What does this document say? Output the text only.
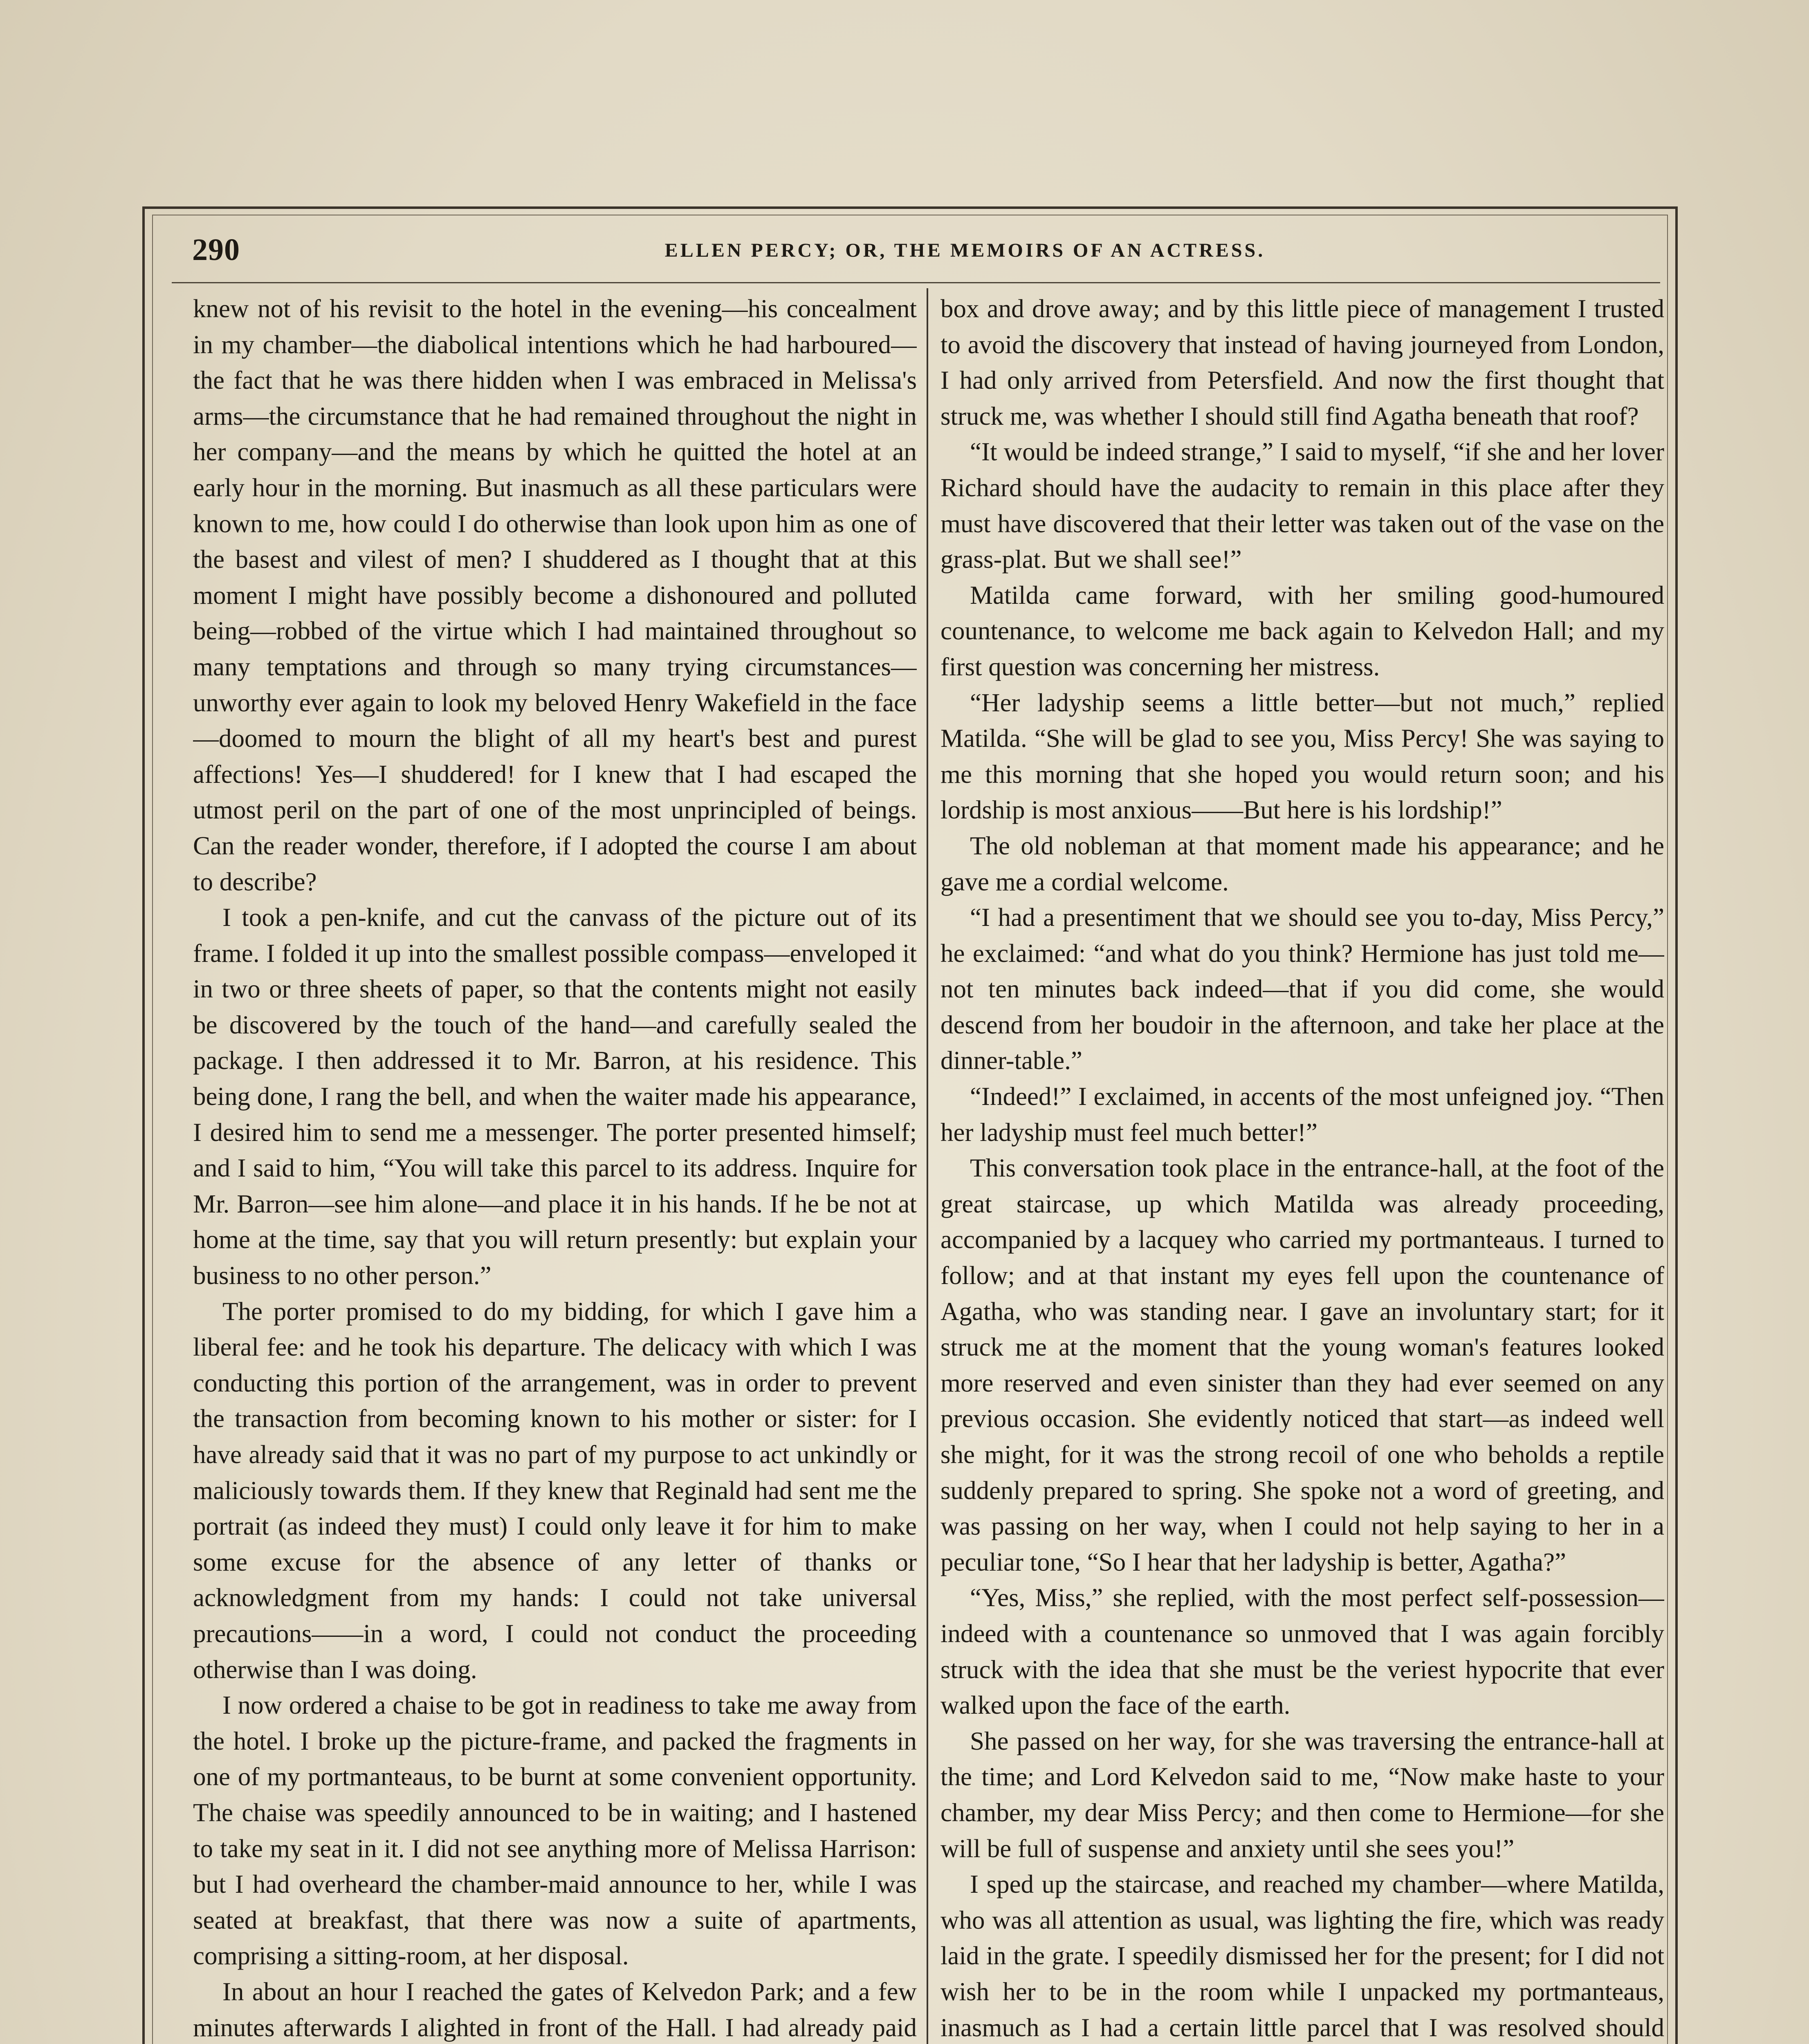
290	ELLEN PERCY; OR, THE MEMOIRS OF AN ACTRESS.

knew not of his revisit to the hotel in the evening—his concealment in my chamber—the diabolical intentions which he had harboured—the fact that he was there hidden when I was embraced in Melissa's arms—the circumstance that he had remained throughout the night in her company—and the means by which he quitted the hotel at an early hour in the morning. But inasmuch as all these particulars were known to me, how could I do otherwise than look upon him as one of the basest and vilest of men? I shuddered as I thought that at this moment I might have possibly become a dishonoured and polluted being—robbed of the virtue which I had maintained throughout so many temptations and through so many trying circumstances—unworthy ever again to look my beloved Henry Wakefield in the face—doomed to mourn the blight of all my heart's best and purest affections! Yes—I shuddered! for I knew that I had escaped the utmost peril on the part of one of the most unprincipled of beings. Can the reader wonder, therefore, if I adopted the course I am about to describe?

I took a pen-knife, and cut the canvass of the picture out of its frame. I folded it up into the smallest possible compass—enveloped it in two or three sheets of paper, so that the contents might not easily be discovered by the touch of the hand—and carefully sealed the package. I then addressed it to Mr. Barron, at his residence. This being done, I rang the bell, and when the waiter made his appearance, I desired him to send me a messenger. The porter presented himself; and I said to him, “You will take this parcel to its address. Inquire for Mr. Barron—see him alone—and place it in his hands. If he be not at home at the time, say that you will return presently: but explain your business to no other person.”

The porter promised to do my bidding, for which I gave him a liberal fee: and he took his departure. The delicacy with which I was conducting this portion of the arrangement, was in order to prevent the transaction from becoming known to his mother or sister: for I have already said that it was no part of my purpose to act unkindly or maliciously towards them. If they knew that Reginald had sent me the portrait (as indeed they must) I could only leave it for him to make some excuse for the absence of any letter of thanks or acknowledgment from my hands: I could not take universal precautions——in a word, I could not conduct the proceeding otherwise than I was doing.

I now ordered a chaise to be got in readiness to take me away from the hotel. I broke up the picture-frame, and packed the fragments in one of my portmanteaus, to be burnt at some convenient opportunity. The chaise was speedily announced to be in waiting; and I hastened to take my seat in it. I did not see anything more of Melissa Harrison: but I had overheard the chamber-maid announce to her, while I was seated at breakfast, that there was now a suite of apartments, comprising a sitting-room, at her disposal.

In about an hour I reached the gates of Kelvedon Park; and a few minutes afterwards I alighted in front of the Hall. I had already paid

box and drove away; and by this little piece of management I trusted to avoid the discovery that instead of having journeyed from London, I had only arrived from Petersfield. And now the first thought that struck me, was whether I should still find Agatha beneath that roof?

“It would be indeed strange,” I said to myself, “if she and her lover Richard should have the audacity to remain in this place after they must have discovered that their letter was taken out of the vase on the grass-plat. But we shall see!”

Matilda came forward, with her smiling good-humoured countenance, to welcome me back again to Kelvedon Hall; and my first question was concerning her mistress.

“Her ladyship seems a little better—but not much,” replied Matilda. “She will be glad to see you, Miss Percy! She was saying to me this morning that she hoped you would return soon; and his lordship is most anxious——But here is his lordship!”

The old nobleman at that moment made his appearance; and he gave me a cordial welcome.

“I had a presentiment that we should see you to-day, Miss Percy,” he exclaimed: “and what do you think? Hermione has just told me—not ten minutes back indeed—that if you did come, she would descend from her boudoir in the afternoon, and take her place at the dinner-table.”

“Indeed!” I exclaimed, in accents of the most unfeigned joy. “Then her ladyship must feel much better!”

This conversation took place in the entrance-hall, at the foot of the great staircase, up which Matilda was already proceeding, accompanied by a lacquey who carried my portmanteaus. I turned to follow; and at that instant my eyes fell upon the countenance of Agatha, who was standing near. I gave an involuntary start; for it struck me at the moment that the young woman's features looked more reserved and even sinister than they had ever seemed on any previous occasion. She evidently noticed that start—as indeed well she might, for it was the strong recoil of one who beholds a reptile suddenly prepared to spring. She spoke not a word of greeting, and was passing on her way, when I could not help saying to her in a peculiar tone, “So I hear that her ladyship is better, Agatha?”

“Yes, Miss,” she replied, with the most perfect self-possession—indeed with a countenance so unmoved that I was again forcibly struck with the idea that she must be the veriest hypocrite that ever walked upon the face of the earth.

She passed on her way, for she was traversing the entrance-hall at the time; and Lord Kelvedon said to me, “Now make haste to your chamber, my dear Miss Percy; and then come to Hermione—for she will be full of suspense and anxiety until she sees you!”

I sped up the staircase, and reached my chamber—where Matilda, who was all attention as usual, was lighting the fire, which was ready laid in the grate. I speedily dismissed her for the present; for I did not wish her to be in the room while I unpacked my portmanteaus, inasmuch as I had a certain little parcel that I was resolved should
